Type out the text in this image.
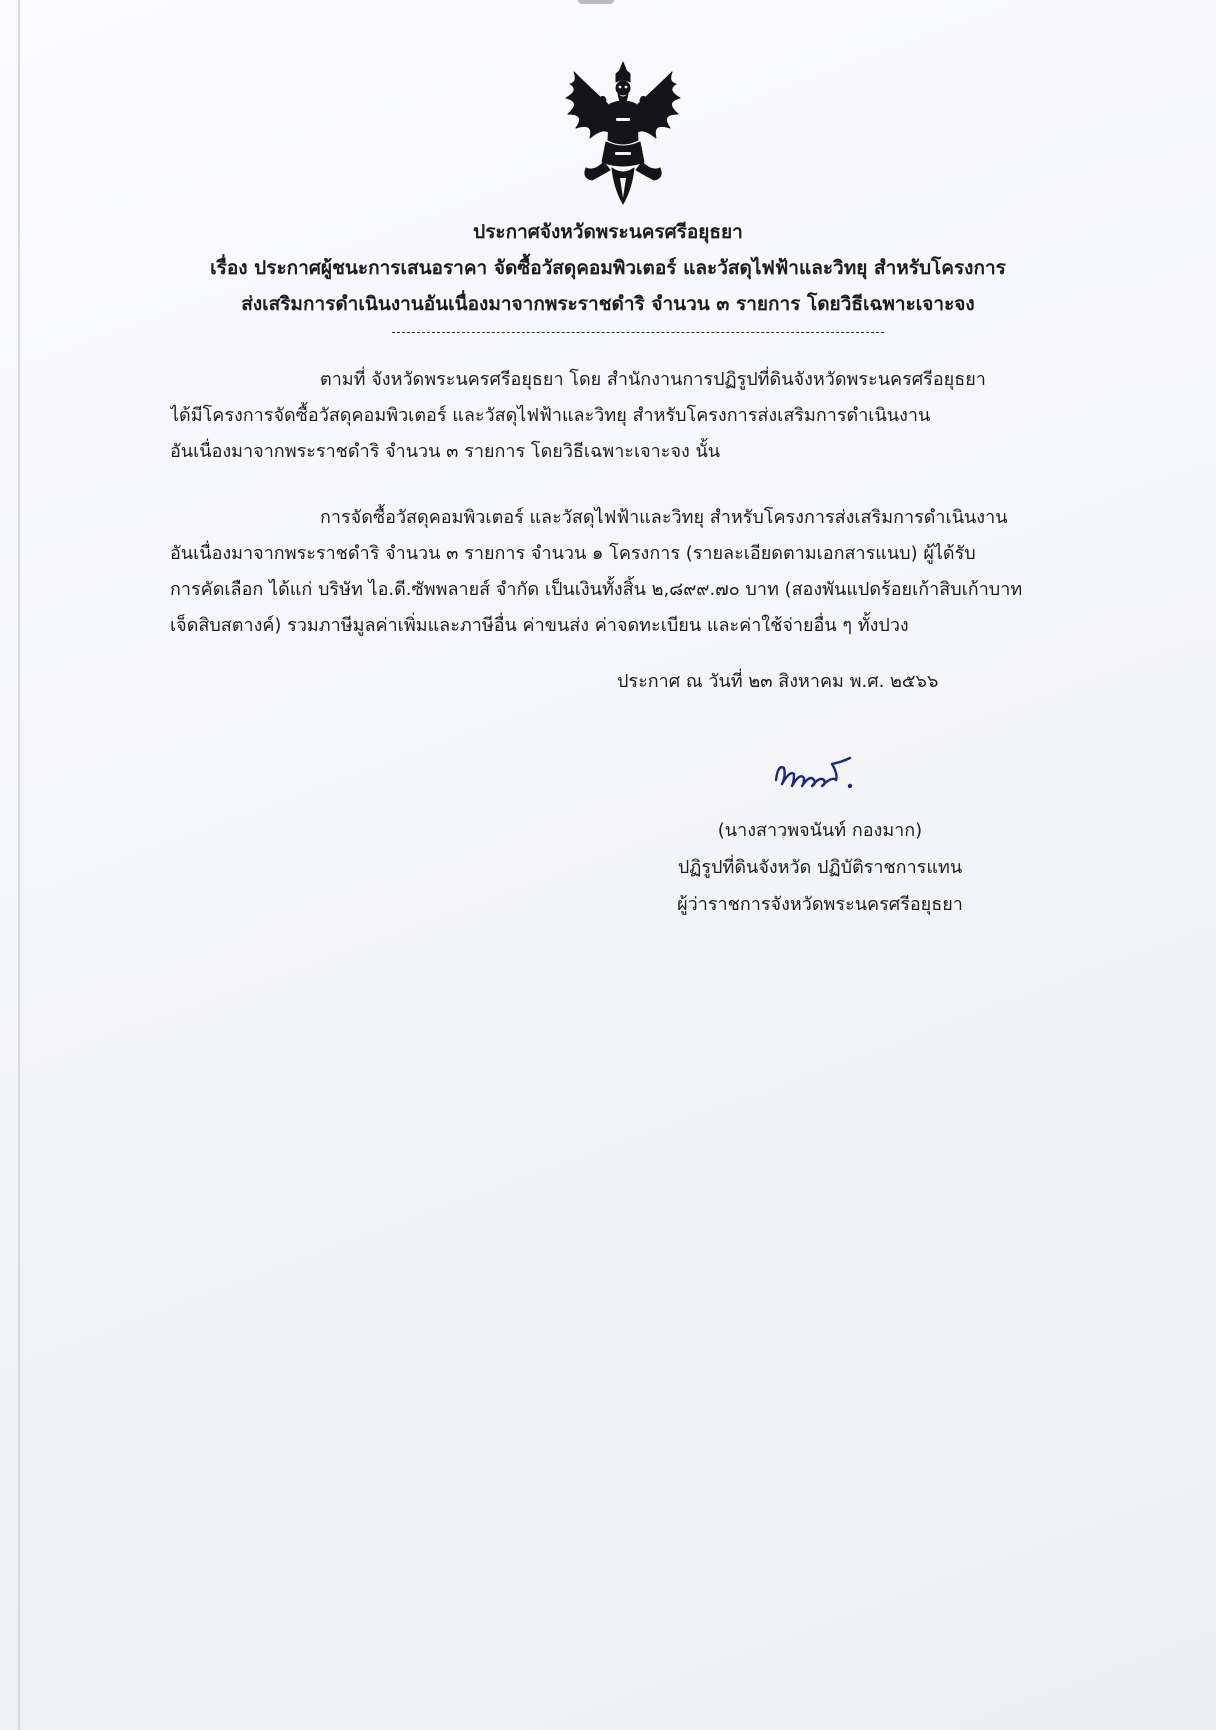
ประกาศจังหวัดพระนครศรีอยุธยา
เรื่อง ประกาศผู้ชนะการเสนอราคา จัดซื้อวัสดุคอมพิวเตอร์ และวัสดุไฟฟ้าและวิทยุ สำหรับโครงการ
ส่งเสริมการดำเนินงานอันเนื่องมาจากพระราชดำริ จำนวน ๓ รายการ โดยวิธีเฉพาะเจาะจง
ตามที่ จังหวัดพระนครศรีอยุธยา โดย สำนักงานการปฏิรูปที่ดินจังหวัดพระนครศรีอยุธยา
ได้มีโครงการจัดซื้อวัสดุคอมพิวเตอร์ และวัสดุไฟฟ้าและวิทยุ สำหรับโครงการส่งเสริมการดำเนินงาน
อันเนื่องมาจากพระราชดำริ จำนวน ๓ รายการ โดยวิธีเฉพาะเจาะจง นั้น
การจัดซื้อวัสดุคอมพิวเตอร์ และวัสดุไฟฟ้าและวิทยุ สำหรับโครงการส่งเสริมการดำเนินงาน
อันเนื่องมาจากพระราชดำริ จำนวน ๓ รายการ จำนวน ๑ โครงการ (รายละเอียดตามเอกสารแนบ) ผู้ได้รับ
การคัดเลือก ได้แก่ บริษัท ไอ.ดี.ซัพพลายส์ จำกัด เป็นเงินทั้งสิ้น ๒,๘๙๙.๗๐ บาท (สองพันแปดร้อยเก้าสิบเก้าบาท
เจ็ดสิบสตางค์) รวมภาษีมูลค่าเพิ่มและภาษีอื่น ค่าขนส่ง ค่าจดทะเบียน และค่าใช้จ่ายอื่น ๆ ทั้งปวง
ประกาศ ณ วันที่ ๒๓ สิงหาคม พ.ศ. ๒๕๖๖
(นางสาวพจนันท์ กองมาก)
ปฏิรูปที่ดินจังหวัด ปฏิบัติราชการแทน
ผู้ว่าราชการจังหวัดพระนครศรีอยุธยา
